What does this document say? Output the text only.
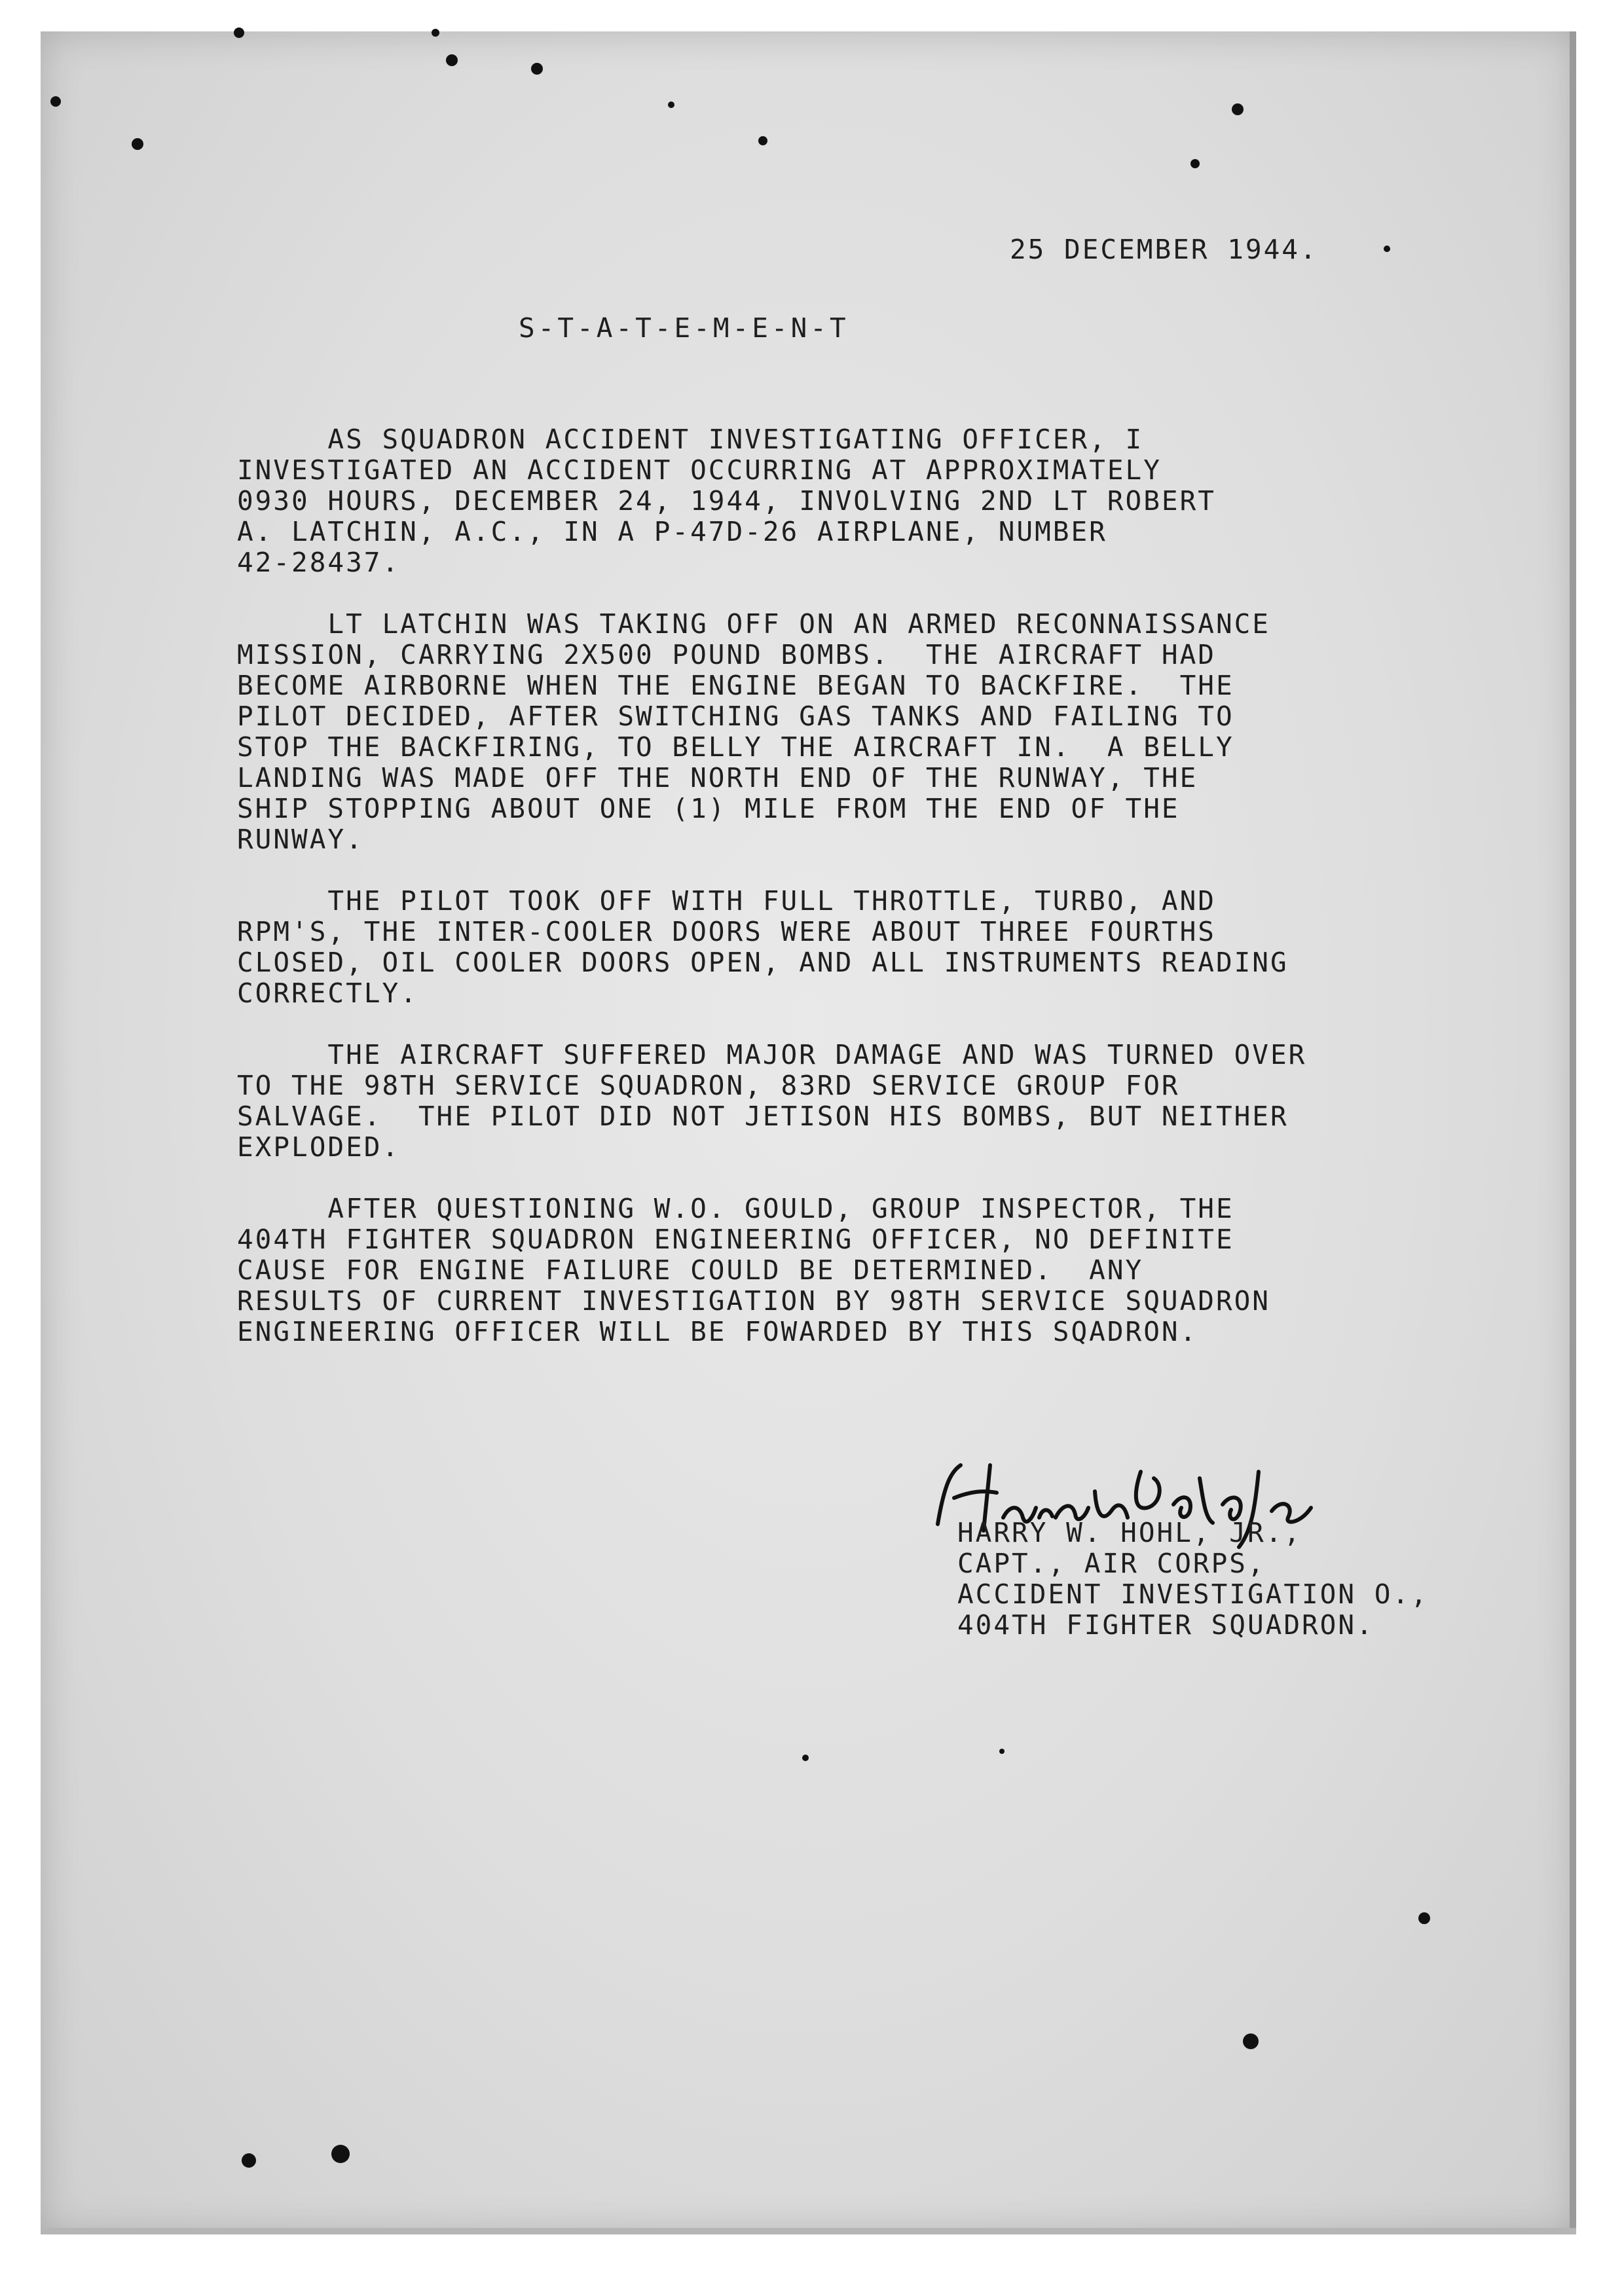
25 DECEMBER 1944.

S-T-A-T-E-M-E-N-T

AS SQUADRON ACCIDENT INVESTIGATING OFFICER, I
INVESTIGATED AN ACCIDENT OCCURRING AT APPROXIMATELY
0930 HOURS, DECEMBER 24, 1944, INVOLVING 2ND LT ROBERT
A. LATCHIN, A.C., IN A P-47D-26 AIRPLANE, NUMBER
42-28437.

LT LATCHIN WAS TAKING OFF ON AN ARMED RECONNAISSANCE
MISSION, CARRYING 2X500 POUND BOMBS.  THE AIRCRAFT HAD
BECOME AIRBORNE WHEN THE ENGINE BEGAN TO BACKFIRE.  THE
PILOT DECIDED, AFTER SWITCHING GAS TANKS AND FAILING TO
STOP THE BACKFIRING, TO BELLY THE AIRCRAFT IN.  A BELLY
LANDING WAS MADE OFF THE NORTH END OF THE RUNWAY, THE
SHIP STOPPING ABOUT ONE (1) MILE FROM THE END OF THE
RUNWAY.

THE PILOT TOOK OFF WITH FULL THROTTLE, TURBO, AND
RPM'S, THE INTER-COOLER DOORS WERE ABOUT THREE FOURTHS
CLOSED, OIL COOLER DOORS OPEN, AND ALL INSTRUMENTS READING
CORRECTLY.

THE AIRCRAFT SUFFERED MAJOR DAMAGE AND WAS TURNED OVER
TO THE 98TH SERVICE SQUADRON, 83RD SERVICE GROUP FOR
SALVAGE.  THE PILOT DID NOT JETISON HIS BOMBS, BUT NEITHER
EXPLODED.

AFTER QUESTIONING W.O. GOULD, GROUP INSPECTOR, THE
404TH FIGHTER SQUADRON ENGINEERING OFFICER, NO DEFINITE
CAUSE FOR ENGINE FAILURE COULD BE DETERMINED.  ANY
RESULTS OF CURRENT INVESTIGATION BY 98TH SERVICE SQUADRON
ENGINEERING OFFICER WILL BE FOWARDED BY THIS SQADRON.

HARRY W. HOHL, JR.,

CAPT., AIR CORPS,

ACCIDENT INVESTIGATION O.,

404TH FIGHTER SQUADRON.
